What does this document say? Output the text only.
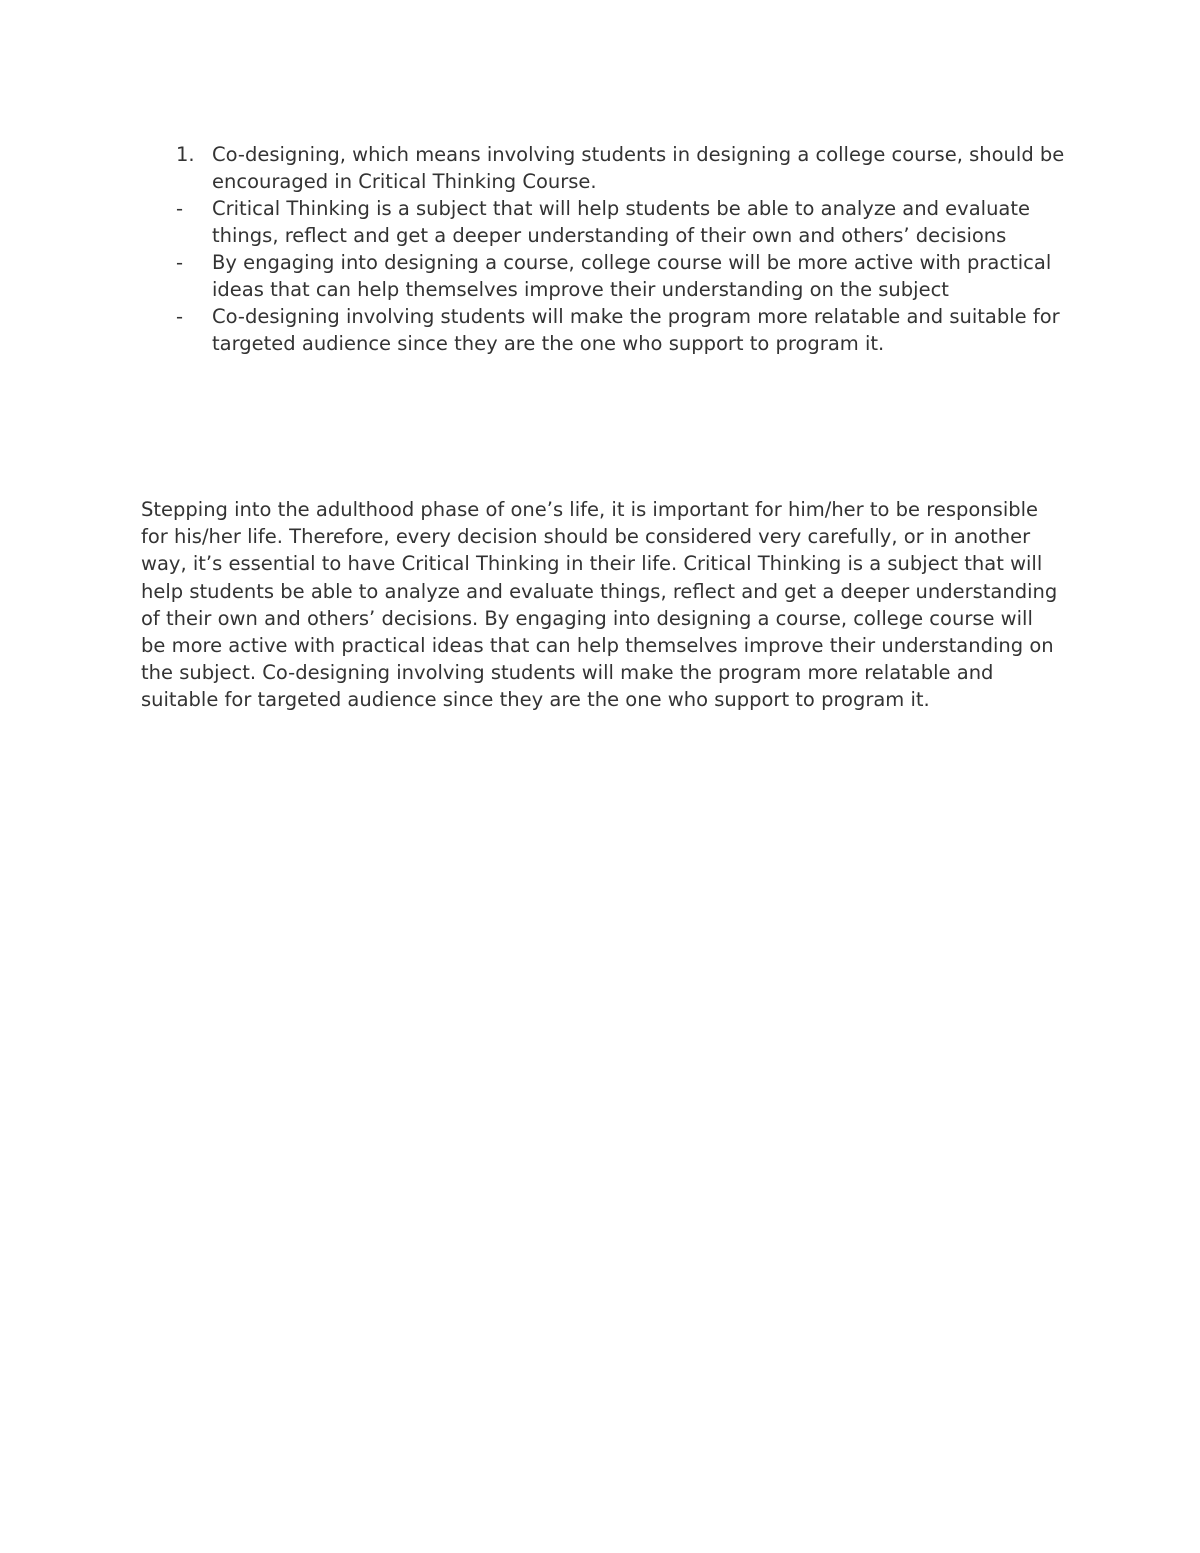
1. Co-designing, which means involving students in designing a college course, should be encouraged in Critical Thinking Course.
-	Critical Thinking is a subject that will help students be able to analyze and evaluate things, reflect and get a deeper understanding of their own and others’ decisions
-	By engaging into designing a course, college course will be more active with practical ideas that can help themselves improve their understanding on the subject
-	Co-designing involving students will make the program more relatable and suitable for targeted audience since they are the one who support to program it.

Stepping into the adulthood phase of one’s life, it is important for him/her to be responsible for his/her life. Therefore, every decision should be considered very carefully, or in another way, it’s essential to have Critical Thinking in their life. Critical Thinking is a subject that will help students be able to analyze and evaluate things, reflect and get a deeper understanding of their own and others’ decisions. By engaging into designing a course, college course will be more active with practical ideas that can help themselves improve their understanding on the subject. Co-designing involving students will make the program more relatable and suitable for targeted audience since they are the one who support to program it.
